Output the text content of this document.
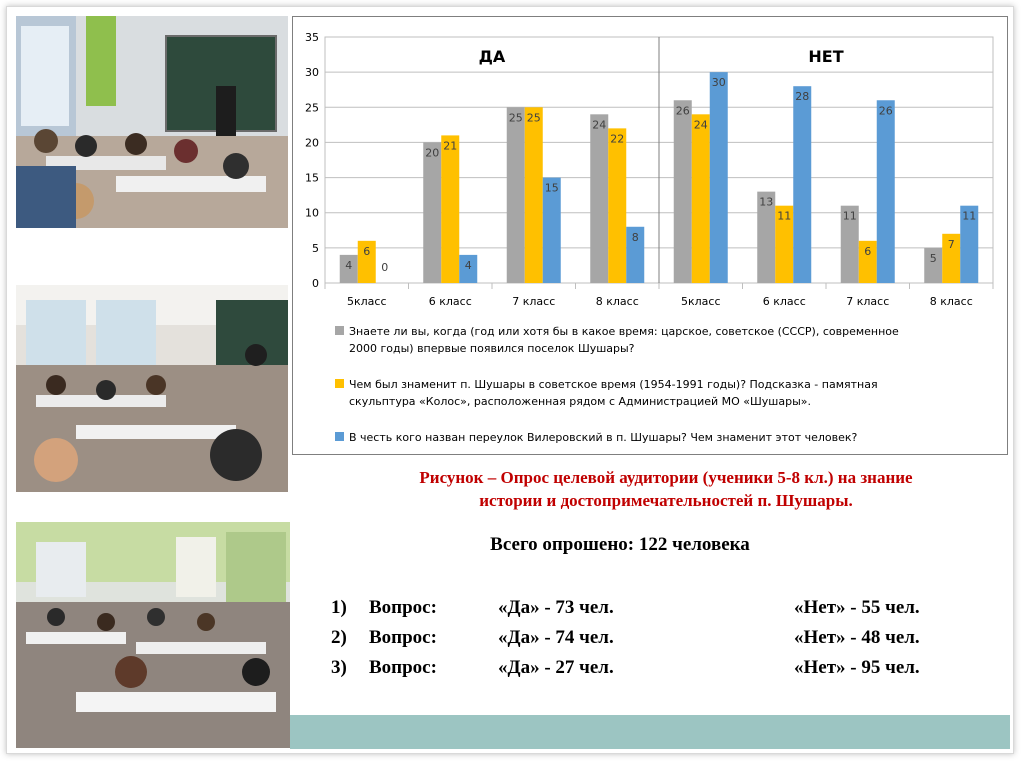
ДА	НЕТ
4
6
0
20
21
4
25 25
15
24
22
8
26
24
30
13
11
28
11
6
26
5
7
11
5класс	6 класс	7 класс	8 класс	5класс	6 класс	7 класс	8 класс
0
5
10
15
20
25
30
35
Знаете ли вы, когда (год или хотя бы в какое время: царское, советское (СССР), современное
2000 годы) впервые появился поселок Шушары?
Чем был знаменит п. Шушары в советское время (1954-1991 годы)? Подсказка - памятная
скульптура «Колос», расположенная рядом с Администрацией МО «Шушары».
В честь кого назван переулок Вилеровский в п. Шушары? Чем знаменит этот человек?
Рисунок – Опрос целевой аудитории (ученики 5-8 кл.) на знание
истории и достопримечательностей п. Шушары.
Всего опрошено: 122 человека
1) Вопрос:	«Да» - 73 чел.	«Нет» - 55 чел.
2) Вопрос:	«Да» - 74 чел.	«Нет» - 48 чел.
3) Вопрос:	«Да» - 27 чел.	«Нет» - 95 чел.
